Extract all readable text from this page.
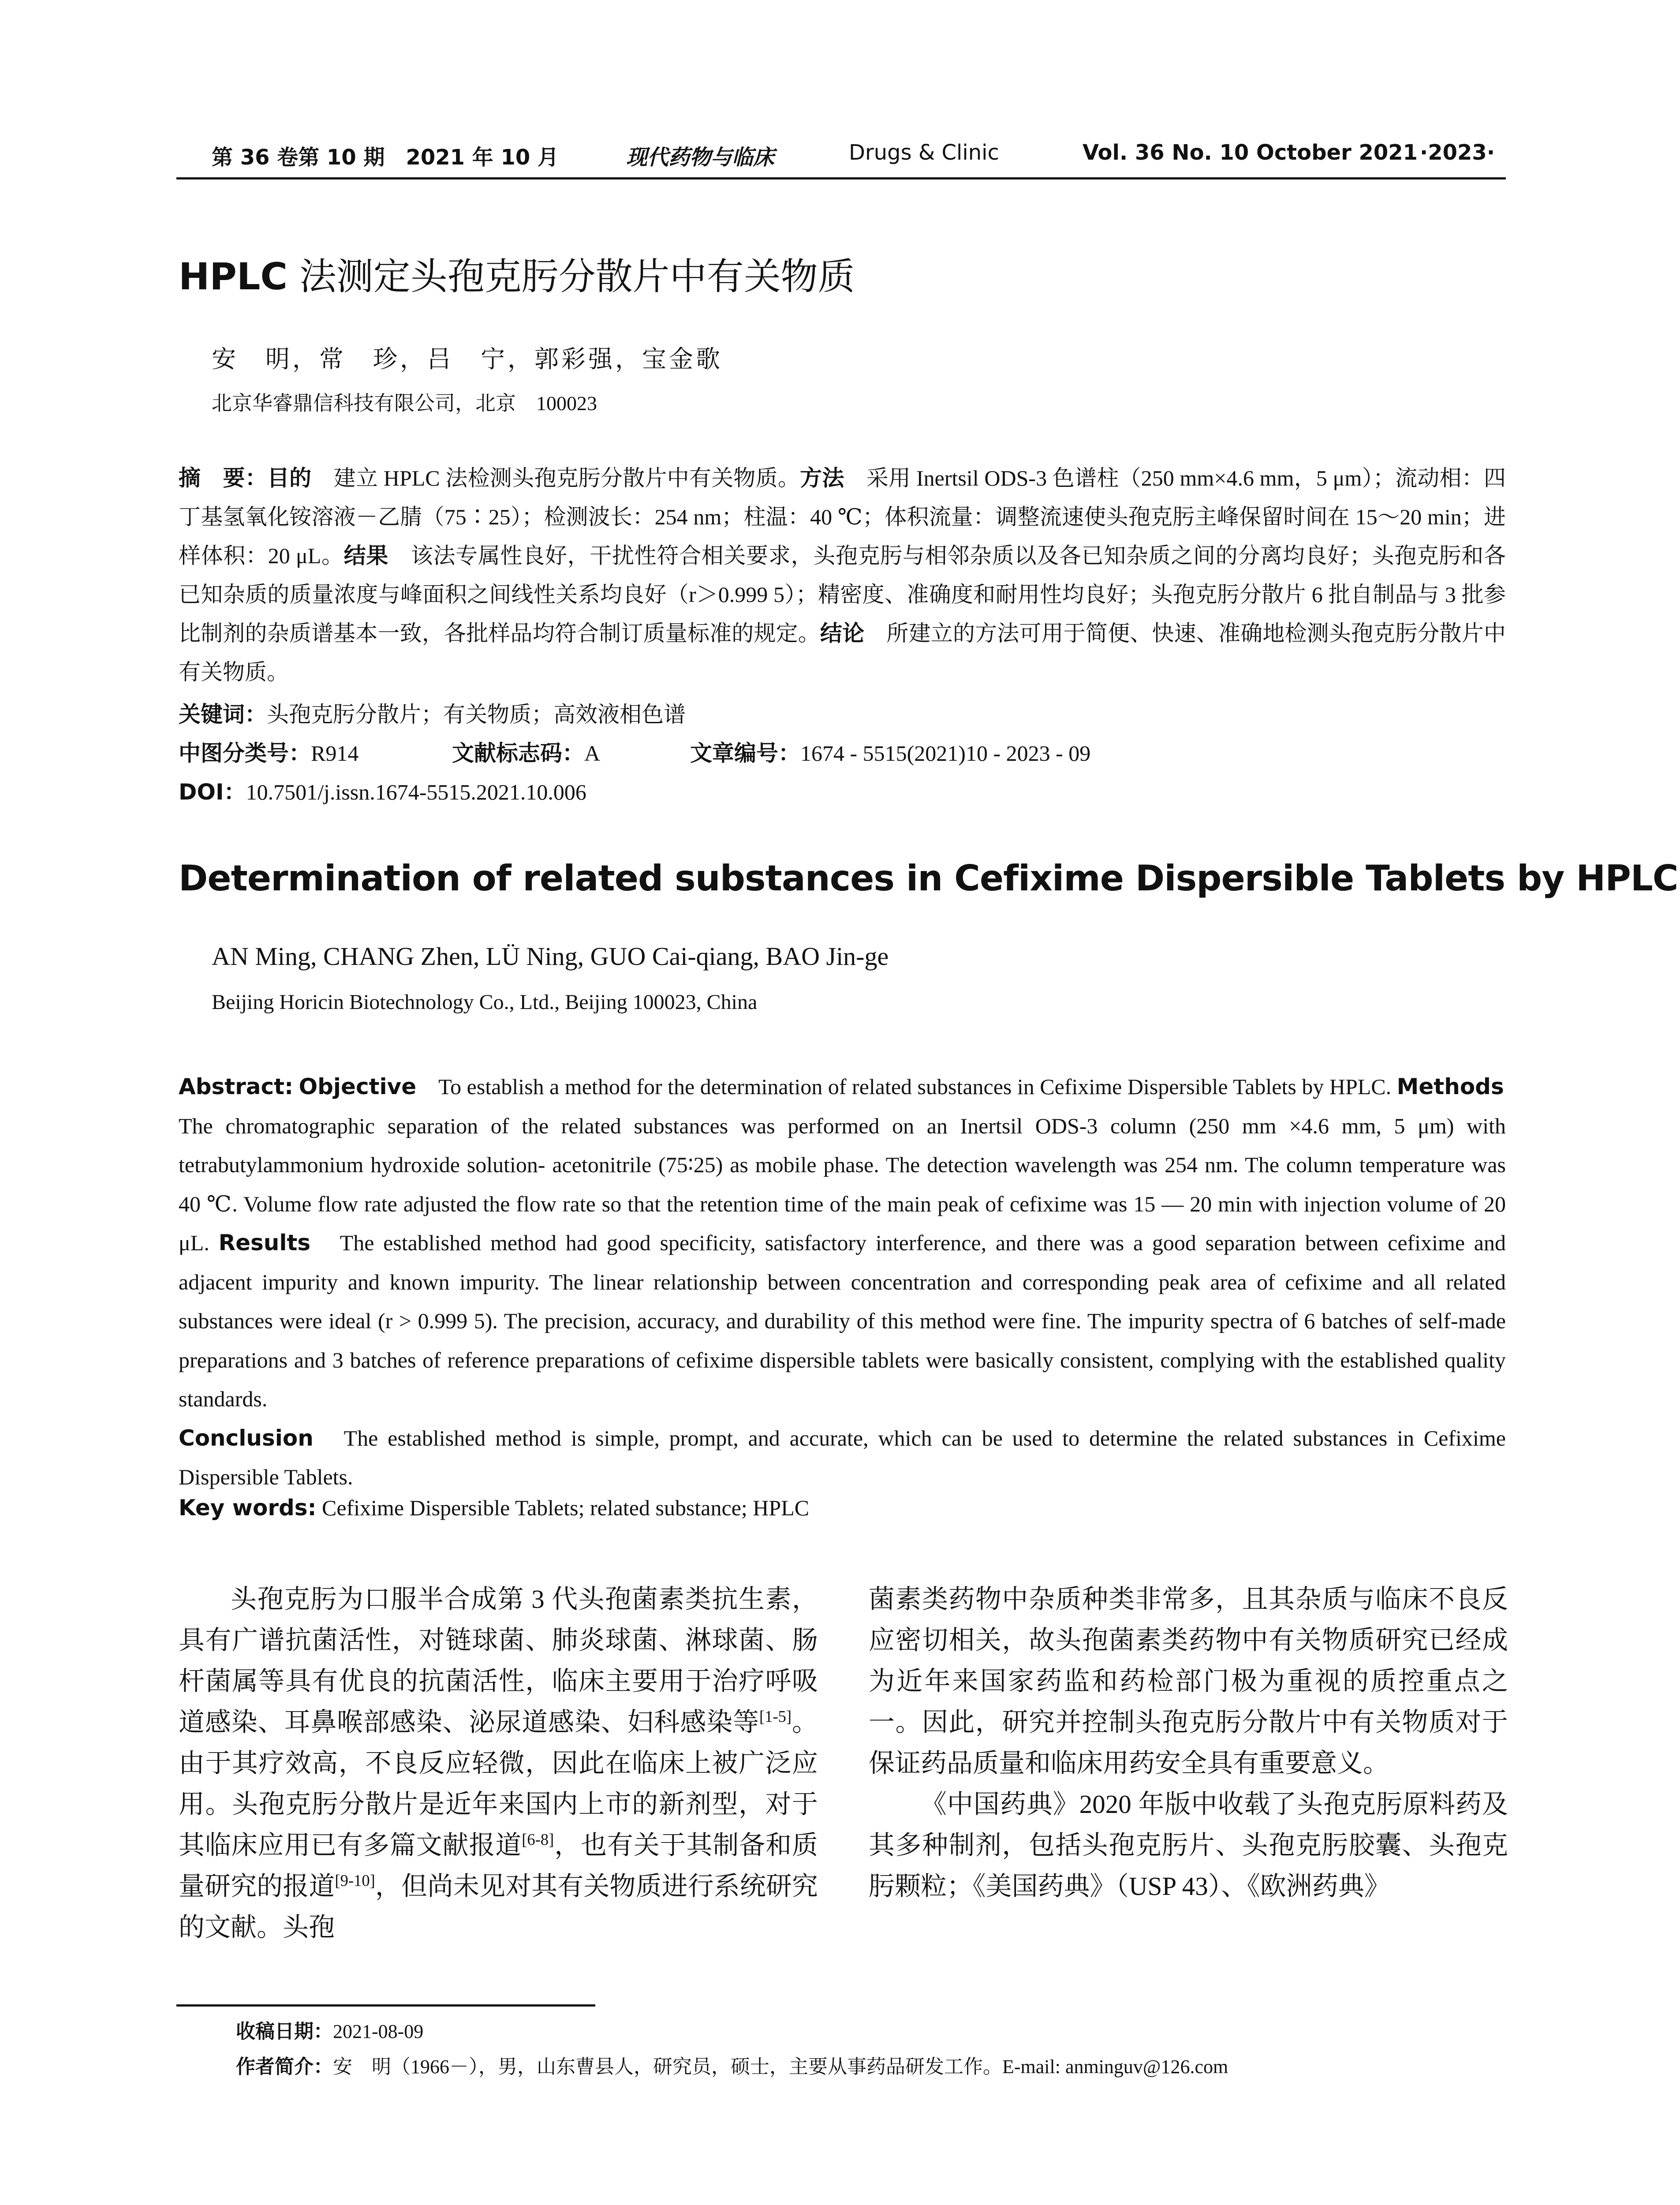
第 36 卷第 10 期　2021 年 10 月	现代药物与临床	Drugs & Clinic	Vol. 36 No. 10 October 2021 ·2023·
HPLC 法测定头孢克肟分散片中有关物质
安　明，常　珍，吕　宁，郭彩强，宝金歌
北京华睿鼎信科技有限公司，北京　100023
摘　要：目的　建立 HPLC 法检测头孢克肟分散片中有关物质。方法　采用 Inertsil ODS-3 色谱柱（250 mm×4.6 mm，5 μm）；流动相：四丁基氢氧化铵溶液－乙腈（75∶25）；检测波长：254 nm；柱温：40 ℃；体积流量：调整流速使头孢克肟主峰保留时间在 15～20 min；进样体积：20 μL。结果　该法专属性良好，干扰性符合相关要求，头孢克肟与相邻杂质以及各已知杂质之间的分离均良好；头孢克肟和各已知杂质的质量浓度与峰面积之间线性关系均良好（r＞0.999 5）；精密度、准确度和耐用性均良好；头孢克肟分散片 6 批自制品与 3 批参比制剂的杂质谱基本一致，各批样品均符合制订质量标准的规定。结论　所建立的方法可用于简便、快速、准确地检测头孢克肟分散片中有关物质。
关键词：头孢克肟分散片；有关物质；高效液相色谱
中图分类号：R914	文献标志码：A	文章编号：1674 - 5515(2021)10 - 2023 - 09
DOI：10.7501/j.issn.1674-5515.2021.10.006
Determination of related substances in Cefixime Dispersible Tablets by HPLC
AN Ming, CHANG Zhen, LÜ Ning, GUO Cai-qiang, BAO Jin-ge
Beijing Horicin Biotechnology Co., Ltd., Beijing 100023, China
Abstract: Objective　To establish a method for the determination of related substances in Cefixime Dispersible Tablets by HPLC. Methods　The chromatographic separation of the related substances was performed on an Inertsil ODS-3 column (250 mm ×4.6 mm, 5 μm) with tetrabutylammonium hydroxide solution- acetonitrile (75∶25) as mobile phase. The detection wavelength was 254 nm. The column temperature was 40 ℃. Volume flow rate adjusted the flow rate so that the retention time of the main peak of cefixime was 15 — 20 min with injection volume of 20 μL. Results　The established method had good specificity, satisfactory interference, and there was a good separation between cefixime and adjacent impurity and known impurity. The linear relationship between concentration and corresponding peak area of cefixime and all related substances were ideal (r > 0.999 5). The precision, accuracy, and durability of this method were fine. The impurity spectra of 6 batches of self-made preparations and 3 batches of reference preparations of cefixime dispersible tablets were basically consistent, complying with the established quality standards.
Conclusion　The established method is simple, prompt, and accurate, which can be used to determine the related substances in Cefixime Dispersible Tablets.
Key words: Cefixime Dispersible Tablets; related substance; HPLC

头孢克肟为口服半合成第 3 代头孢菌素类抗生素，具有广谱抗菌活性，对链球菌、肺炎球菌、淋球菌、肠杆菌属等具有优良的抗菌活性，临床主要用于治疗呼吸道感染、耳鼻喉部感染、泌尿道感染、妇科感染等[1-5]。由于其疗效高，不良反应轻微，因此在临床上被广泛应用。头孢克肟分散片是近年来国内上市的新剂型，对于其临床应用已有多篇文献报道[6-8]，也有关于其制备和质量研究的报道[9-10]，但尚未见对其有关物质进行系统研究的文献。头孢

菌素类药物中杂质种类非常多，且其杂质与临床不良反应密切相关，故头孢菌素类药物中有关物质研究已经成为近年来国家药监和药检部门极为重视的质控重点之一。因此，研究并控制头孢克肟分散片中有关物质对于保证药品质量和临床用药安全具有重要意义。

《中国药典》2020 年版中收载了头孢克肟原料药及其多种制剂，包括头孢克肟片、头孢克肟胶囊、头孢克肟颗粒；《美国药典》（USP 43）、《欧洲药典》

收稿日期：2021-08-09
作者简介：安　明（1966－），男，山东曹县人，研究员，硕士，主要从事药品研发工作。E-mail: anminguv@126.com
